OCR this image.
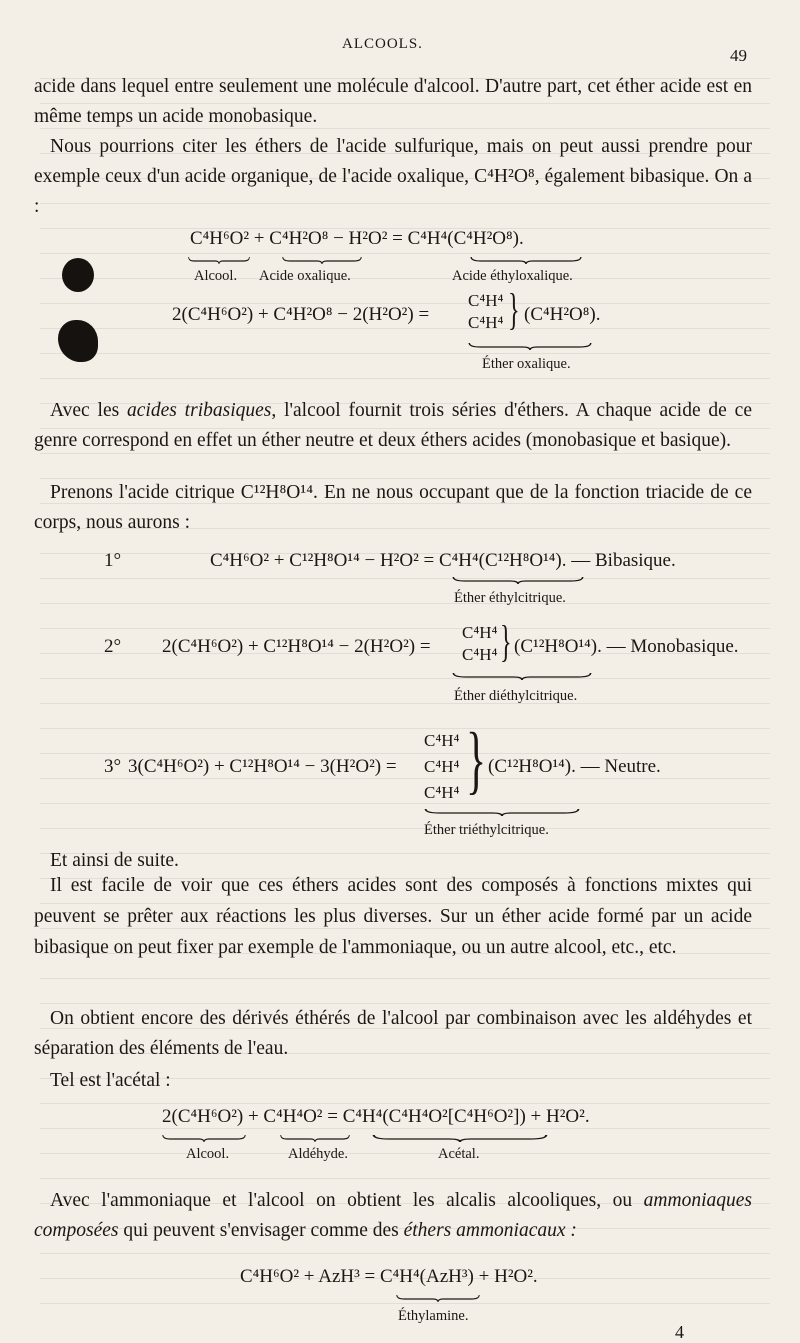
ALCOOLS.
49
acide dans lequel entre seulement une molécule d'alcool. D'autre part, cet éther acide est en même temps un acide monobasique.
Nous pourrions citer les éthers de l'acide sulfurique, mais on peut aussi prendre pour exemple ceux d'un acide organique, de l'acide oxalique, C⁴H²O⁸, également bibasique. On a :
C⁴H⁶O² + C⁴H²O⁸ − H²O² = C⁴H⁴(C⁴H²O⁸).
Alcool. Acide oxalique.	Acide éthyloxalique.
2(C⁴H⁶O²) + C⁴H²O⁸ − 2(H²O²) =
C⁴H⁴
C⁴H⁴ } (C⁴H²O⁸).
Éther oxalique.
Avec les acides tribasiques, l'alcool fournit trois séries d'éthers. A chaque acide de ce genre correspond en effet un éther neutre et deux éthers acides (monobasique et basique).
Prenons l'acide citrique C¹²H⁸O¹⁴. En ne nous occupant que de la fonction triacide de ce corps, nous aurons :
1°	C⁴H⁶O² + C¹²H⁸O¹⁴ − H²O² = C⁴H⁴(C¹²H⁸O¹⁴). — Bibasique.
Éther éthylcitrique.
2° 2(C⁴H⁶O²) + C¹²H⁸O¹⁴ − 2(H²O²) =
C⁴H⁴
C⁴H⁴ } (C¹²H⁸O¹⁴). — Monobasique.
Éther diéthylcitrique.
3° 3(C⁴H⁶O²) + C¹²H⁸O¹⁴ − 3(H²O²) =
C⁴H⁴
C⁴H⁴
C⁴H⁴ } (C¹²H⁸O¹⁴). — Neutre.
Éther triéthylcitrique.
Et ainsi de suite.
Il est facile de voir que ces éthers acides sont des composés à fonctions mixtes qui peuvent se prêter aux réactions les plus diverses. Sur un éther acide formé par un acide bibasique on peut fixer par exemple de l'ammoniaque, ou un autre alcool, etc., etc.
On obtient encore des dérivés éthérés de l'alcool par combinaison avec les aldéhydes et séparation des éléments de l'eau.
Tel est l'acétal :
2(C⁴H⁶O²) + C⁴H⁴O² = C⁴H⁴(C⁴H⁴O²[C⁴H⁶O²]) + H²O².
Alcool.	Aldéhyde.	Acétal.
Avec l'ammoniaque et l'alcool on obtient les alcalis alcooliques, ou ammoniaques composées qui peuvent s'envisager comme des éthers ammoniacaux :
C⁴H⁶O² + AzH³ = C⁴H⁴(AzH³) + H²O².
Éthylamine.
4
